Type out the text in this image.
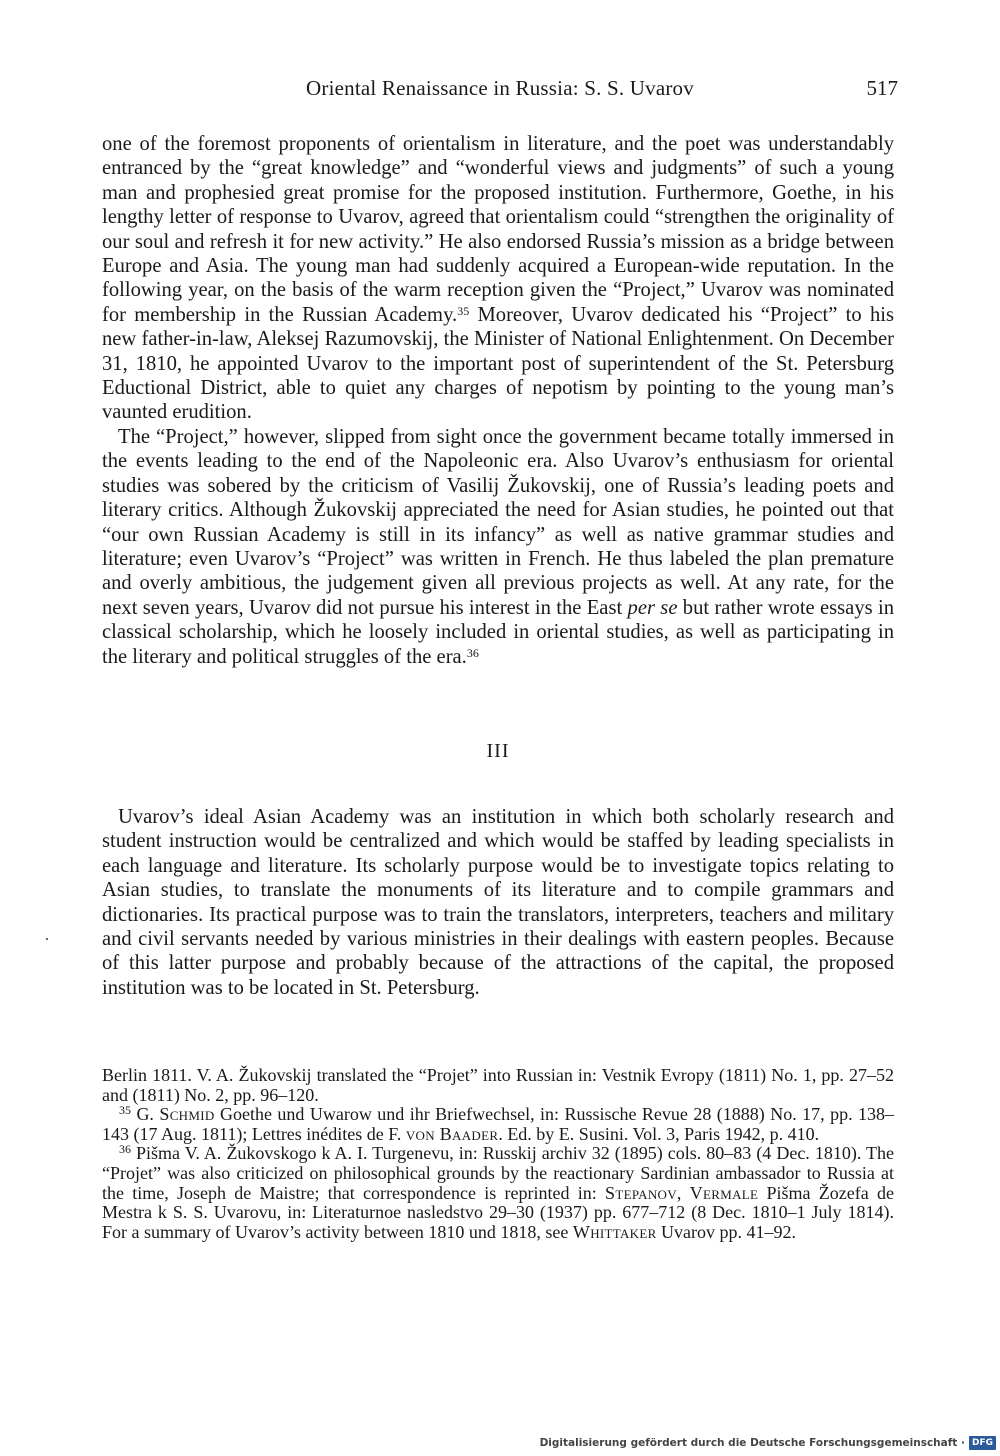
Oriental Renaissance in Russia: S. S. Uvarov	517

one of the foremost proponents of orientalism in literature, and the poet was understandably entranced by the “great knowledge” and “wonderful views and judgments” of such a young man and prophesied great promise for the proposed institution. Furthermore, Goethe, in his lengthy letter of response to Uvarov, agreed that orientalism could “strengthen the originality of our soul and refresh it for new activity.” He also endorsed Russia’s mission as a bridge between Europe and Asia. The young man had suddenly acquired a European-wide reputation. In the following year, on the basis of the warm reception given the “Project,” Uvarov was nominated for membership in the Russian Academy.$^{35}$ Moreover, Uvarov dedicated his “Project” to his new father-in-law, Aleksej Razumovskij, the Minister of National Enlightenment. On December 31, 1810, he appointed Uvarov to the important post of superintendent of the St. Petersburg Eductional District, able to quiet any charges of nepotism by pointing to the young man’s vaunted erudition.

The “Project,” however, slipped from sight once the government became totally immersed in the events leading to the end of the Napoleonic era. Also Uvarov’s enthusiasm for oriental studies was sobered by the criticism of Vasilij Žukovskij, one of Russia’s leading poets and literary critics. Although Žukovskij appreciated the need for Asian studies, he pointed out that “our own Russian Academy is still in its infancy” as well as native grammar studies and literature; even Uvarov’s “Project” was written in French. He thus labeled the plan premature and overly ambitious, the judgement given all previous projects as well. At any rate, for the next seven years, Uvarov did not pursue his interest in the East per se but rather wrote essays in classical scholarship, which he loosely included in oriental studies, as well as participating in the literary and political struggles of the era.$^{36}$

III

Uvarov’s ideal Asian Academy was an institution in which both scholarly research and student instruction would be centralized and which would be staffed by leading specialists in each language and literature. Its scholarly purpose would be to investigate topics relating to Asian studies, to translate the monuments of its literature and to compile grammars and dictionaries. Its practical purpose was to train the translators, interpreters, teachers and military and civil servants needed by various ministries in their dealings with eastern peoples. Because of this latter purpose and probably because of the attractions of the capital, the proposed institution was to be located in St. Petersburg.

Berlin 1811. V. A. Žukovskij translated the “Projet” into Russian in: Vestnik Evropy (1811) No. 1, pp. 27–52 and (1811) No. 2, pp. 96–120.

$^{35}$ G. Schmid Goethe und Uwarow und ihr Briefwechsel, in: Russische Revue 28 (1888) No. 17, pp. 138–143 (17 Aug. 1811); Lettres inédites de F. von Baader. Ed. by E. Susini. Vol. 3, Paris 1942, p. 410.

$^{36}$ Pišma V. A. Žukovskogo k A. I. Turgenevu, in: Russkij archiv 32 (1895) cols. 80–83 (4 Dec. 1810). The “Projet” was also criticized on philosophical grounds by the reactionary Sardinian ambassador to Russia at the time, Joseph de Maistre; that correspondence is reprinted in: Stepanov, Vermale Pišma Žozefa de Mestra k S. S. Uvarovu, in: Literaturnoe nasledstvo 29–30 (1937) pp. 677–712 (8 Dec. 1810–1 July 1814). For a summary of Uvarov’s activity between 1810 und 1818, see Whittaker Uvarov pp. 41–92.

Digitalisierung gefördert durch die Deutsche Forschungsgemeinschaft · DFG
